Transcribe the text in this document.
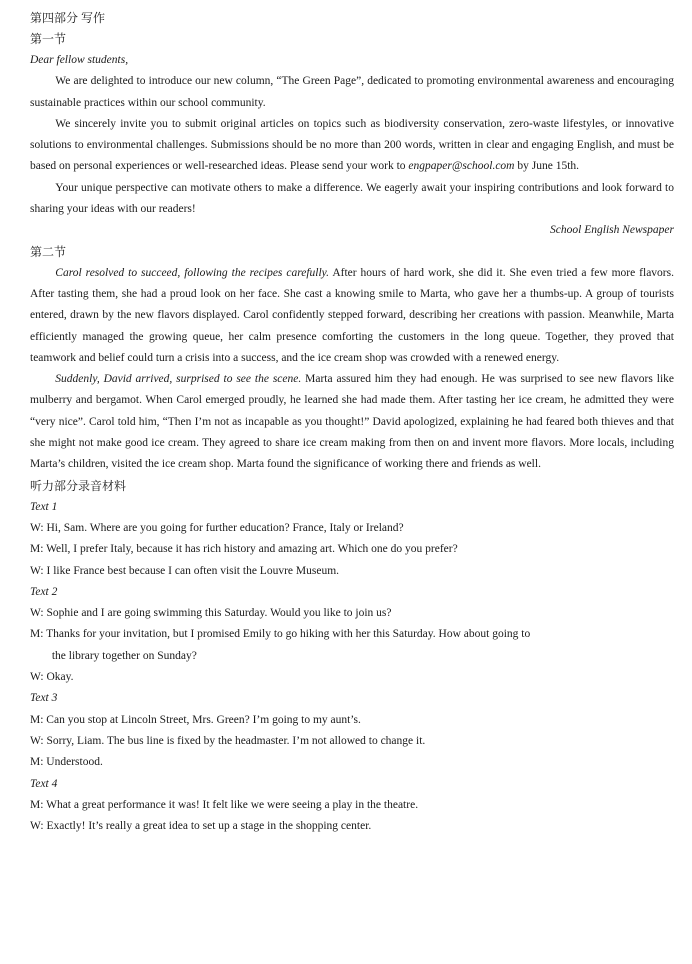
第四部分 写作
第一节

Dear fellow students,

We are delighted to introduce our new column, “The Green Page”, dedicated to promoting environmental awareness and encouraging sustainable practices within our school community.

We sincerely invite you to submit original articles on topics such as biodiversity conservation, zero-waste lifestyles, or innovative solutions to environmental challenges. Submissions should be no more than 200 words, written in clear and engaging English, and must be based on personal experiences or well-researched ideas. Please send your work to engpaper@school.com by June 15th.

Your unique perspective can motivate others to make a difference. We eagerly await your inspiring contributions and look forward to sharing your ideas with our readers!

School English Newspaper

第二节

Carol resolved to succeed, following the recipes carefully. After hours of hard work, she did it. She even tried a few more flavors. After tasting them, she had a proud look on her face. She cast a knowing smile to Marta, who gave her a thumbs-up. A group of tourists entered, drawn by the new flavors displayed. Carol confidently stepped forward, describing her creations with passion. Meanwhile, Marta efficiently managed the growing queue, her calm presence comforting the customers in the long queue. Together, they proved that teamwork and belief could turn a crisis into a success, and the ice cream shop was crowded with a renewed energy.

Suddenly, David arrived, surprised to see the scene. Marta assured him they had enough. He was surprised to see new flavors like mulberry and bergamot. When Carol emerged proudly, he learned she had made them. After tasting her ice cream, he admitted they were “very nice”. Carol told him, “Then I’m not as incapable as you thought!” David apologized, explaining he had feared both thieves and that she might not make good ice cream. They agreed to share ice cream making from then on and invent more flavors. More locals, including Marta’s children, visited the ice cream shop. Marta found the significance of working there and friends as well.

听力部分录音材料
Text 1

W: Hi, Sam. Where are you going for further education? France, Italy or Ireland?

M: Well, I prefer Italy, because it has rich history and amazing art. Which one do you prefer?

W: I like France best because I can often visit the Louvre Museum.

Text 2

W: Sophie and I are going swimming this Saturday. Would you like to join us?

M: Thanks for your invitation, but I promised Emily to go hiking with her this Saturday. How about going to
the library together on Sunday?

W: Okay.

Text 3

M: Can you stop at Lincoln Street, Mrs. Green? I’m going to my aunt’s.

W: Sorry, Liam. The bus line is fixed by the headmaster. I’m not allowed to change it.

M: Understood.

Text 4

M: What a great performance it was! It felt like we were seeing a play in the theatre.

W: Exactly! It’s really a great idea to set up a stage in the shopping center.
